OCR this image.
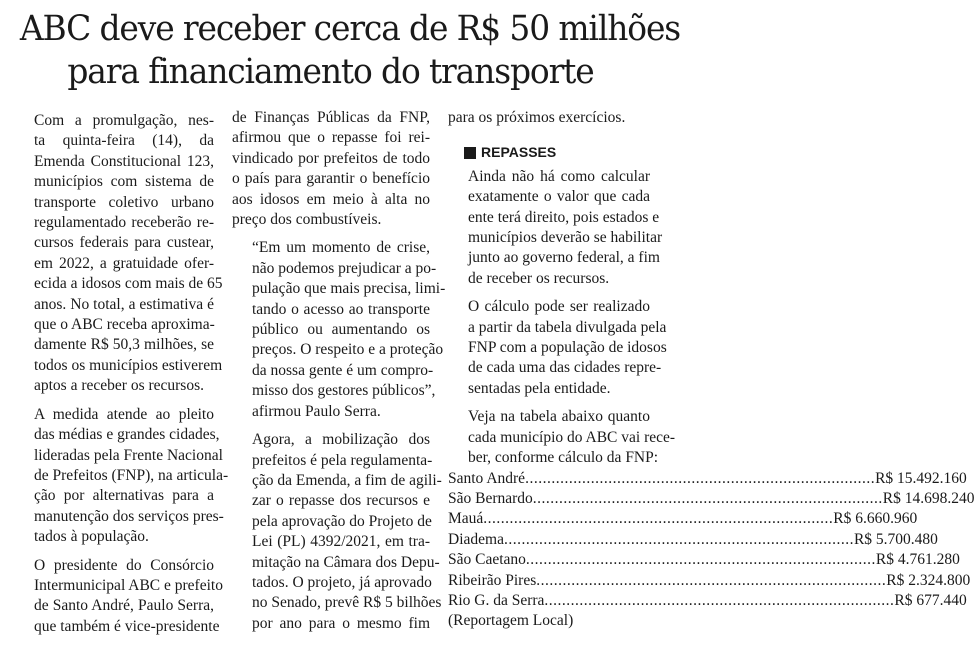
ABC deve receber cerca de R$ 50 milhões
para financiamento do transporte

Com a promulgação, nes-
ta quinta-feira (14), da
Emenda Constitucional 123,
municípios com sistema de
transporte coletivo urbano
regulamentado receberão re-
cursos federais para custear,
em 2022, a gratuidade ofer-
ecida a idosos com mais de 65
anos. No total, a estimativa é
que o ABC receba aproxima-
damente R$ 50,3 milhões, se
todos os municípios estiverem
aptos a receber os recursos.

A medida atende ao pleito
das médias e grandes cidades,
lideradas pela Frente Nacional
de Prefeitos (FNP), na articula-
ção por alternativas para a
manutenção dos serviços pres-
tados à população.

O presidente do Consórcio
Intermunicipal ABC e prefeito
de Santo André, Paulo Serra,
que também é vice-presidente

de Finanças Públicas da FNP,
afirmou que o repasse foi rei-
vindicado por prefeitos de todo
o país para garantir o benefício
aos idosos em meio à alta no
preço dos combustíveis.

“Em um momento de crise,
não podemos prejudicar a po-
pulação que mais precisa, limi-
tando o acesso ao transporte
público ou aumentando os
preços. O respeito e a proteção
da nossa gente é um compro-
misso dos gestores públicos”,
afirmou Paulo Serra.

Agora, a mobilização dos
prefeitos é pela regulamenta-
ção da Emenda, a fim de agili-
zar o repasse dos recursos e
pela aprovação do Projeto de
Lei (PL) 4392/2021, em tra-
mitação na Câmara dos Depu-
tados. O projeto, já aprovado
no Senado, prevê R$ 5 bilhões
por ano para o mesmo fim

para os próximos exercícios.

REPASSES

Ainda não há como calcular
exatamente o valor que cada
ente terá direito, pois estados e
municípios deverão se habilitar
junto ao governo federal, a fim
de receber os recursos.

O cálculo pode ser realizado
a partir da tabela divulgada pela
FNP com a população de idosos
de cada uma das cidades repre-
sentadas pela entidade.

Veja na tabela abaixo quanto
cada município do ABC vai rece-
ber, conforme cálculo da FNP:

Santo André ................................................................................ R$ 15.492.160
São Bernardo ................................................................................ R$ 14.698.240
Mauá ................................................................................ R$ 6.660.960
Diadema ................................................................................ R$ 5.700.480
São Caetano ................................................................................ R$ 4.761.280
Ribeirão Pires ................................................................................ R$ 2.324.800
Rio G. da Serra ................................................................................ R$ 677.440
(Reportagem Local)
